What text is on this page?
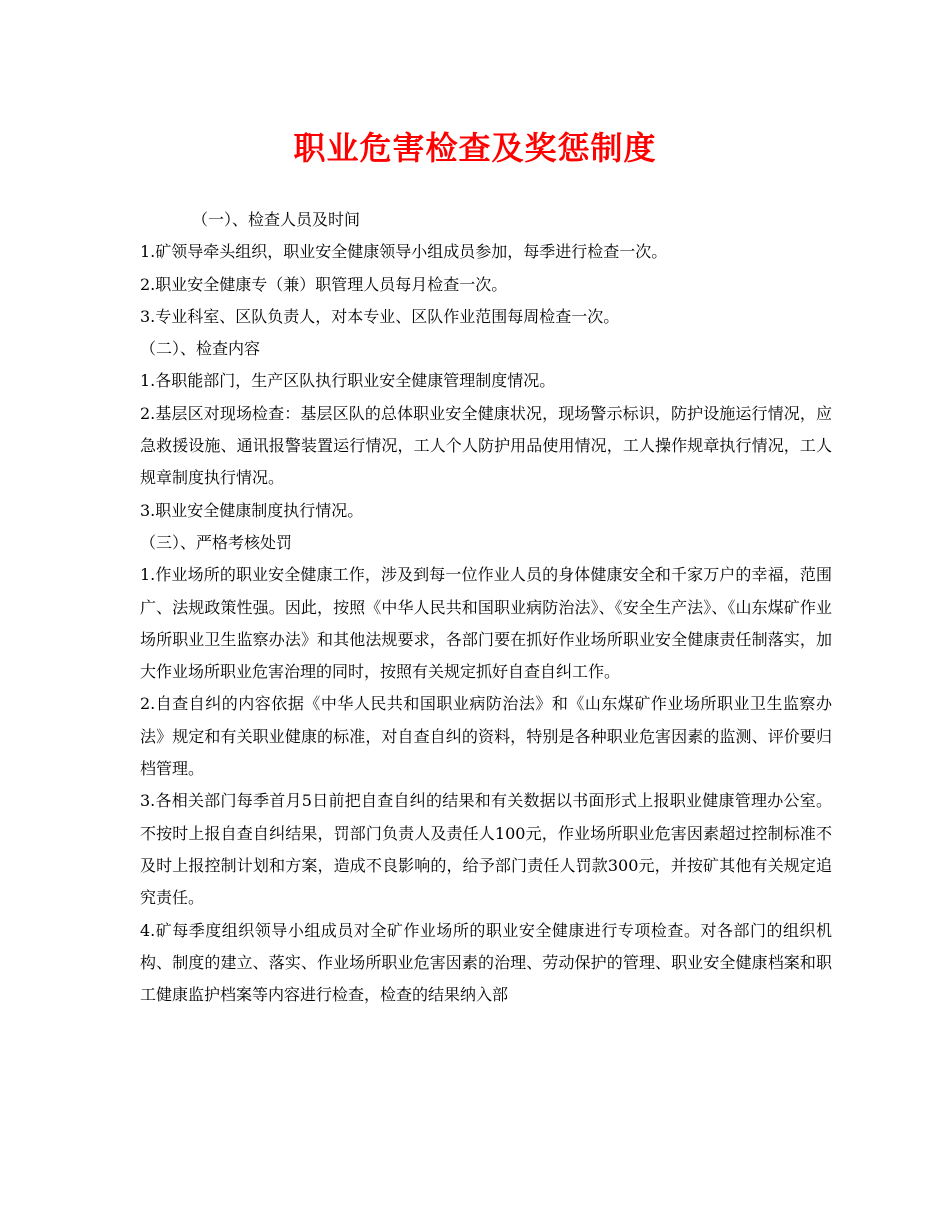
职业危害检查及奖惩制度

（一）、检查人员及时间

1.矿领导牵头组织，职业安全健康领导小组成员参加，每季进行检查一次。

2.职业安全健康专（兼）职管理人员每月检查一次。

3.专业科室、区队负责人，对本专业、区队作业范围每周检查一次。

（二）、检查内容

1.各职能部门，生产区队执行职业安全健康管理制度情况。

2.基层区对现场检查：基层区队的总体职业安全健康状况，现场警示标识，防护设施运行情况，应急救援设施、通讯报警装置运行情况，工人个人防护用品使用情况，工人操作规章执行情况，工人规章制度执行情况。

3.职业安全健康制度执行情况。

（三）、严格考核处罚

1.作业场所的职业安全健康工作，涉及到每一位作业人员的身体健康安全和千家万户的幸福，范围广、法规政策性强。因此，按照《中华人民共和国职业病防治法》、《安全生产法》、《山东煤矿作业场所职业卫生监察办法》和其他法规要求，各部门要在抓好作业场所职业安全健康责任制落实，加大作业场所职业危害治理的同时，按照有关规定抓好自查自纠工作。

2.自查自纠的内容依据《中华人民共和国职业病防治法》和《山东煤矿作业场所职业卫生监察办法》规定和有关职业健康的标准，对自查自纠的资料，特别是各种职业危害因素的监测、评价要归档管理。

3.各相关部门每季首月5日前把自查自纠的结果和有关数据以书面形式上报职业健康管理办公室。不按时上报自查自纠结果，罚部门负责人及责任人100元，作业场所职业危害因素超过控制标准不及时上报控制计划和方案，造成不良影响的，给予部门责任人罚款300元，并按矿其他有关规定追究责任。

4.矿每季度组织领导小组成员对全矿作业场所的职业安全健康进行专项检查。对各部门的组织机构、制度的建立、落实、作业场所职业危害因素的治理、劳动保护的管理、职业安全健康档案和职工健康监护档案等内容进行检查，检查的结果纳入部
